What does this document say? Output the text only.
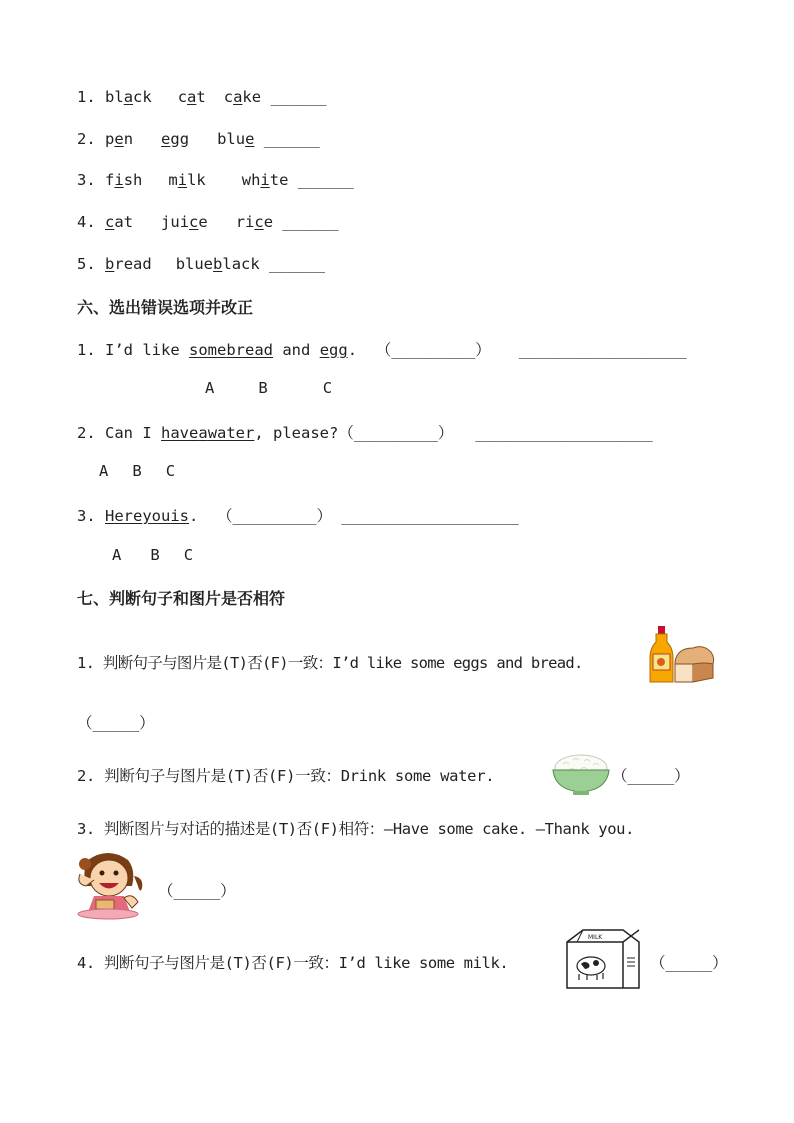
1. black cat cake ______
2. pen egg blue ______
3. fish milk white ______
4. cat juice rice ______
5. bread blueblack ______
六、选出错误选项并改正
1. I’d like somebread and egg. （_________） __________________
A	B	C
2. Can I haveawater, please?（_________） ___________________
A B C
3. Hereyouis. （_________） ___________________
A B C
七、判断句子和图片是否相符
1. 判断句子与图片是(T)否(F)一致：I’d like some eggs and bread.
（_____）
2. 判断句子与图片是(T)否(F)一致：Drink some water.	（_____）
3. 判断图片与对话的描述是(T)否(F)相符：—Have some cake. —Thank you.
（_____）
4. 判断句子与图片是(T)否(F)一致：I’d like some milk.
MILK
（_____）
